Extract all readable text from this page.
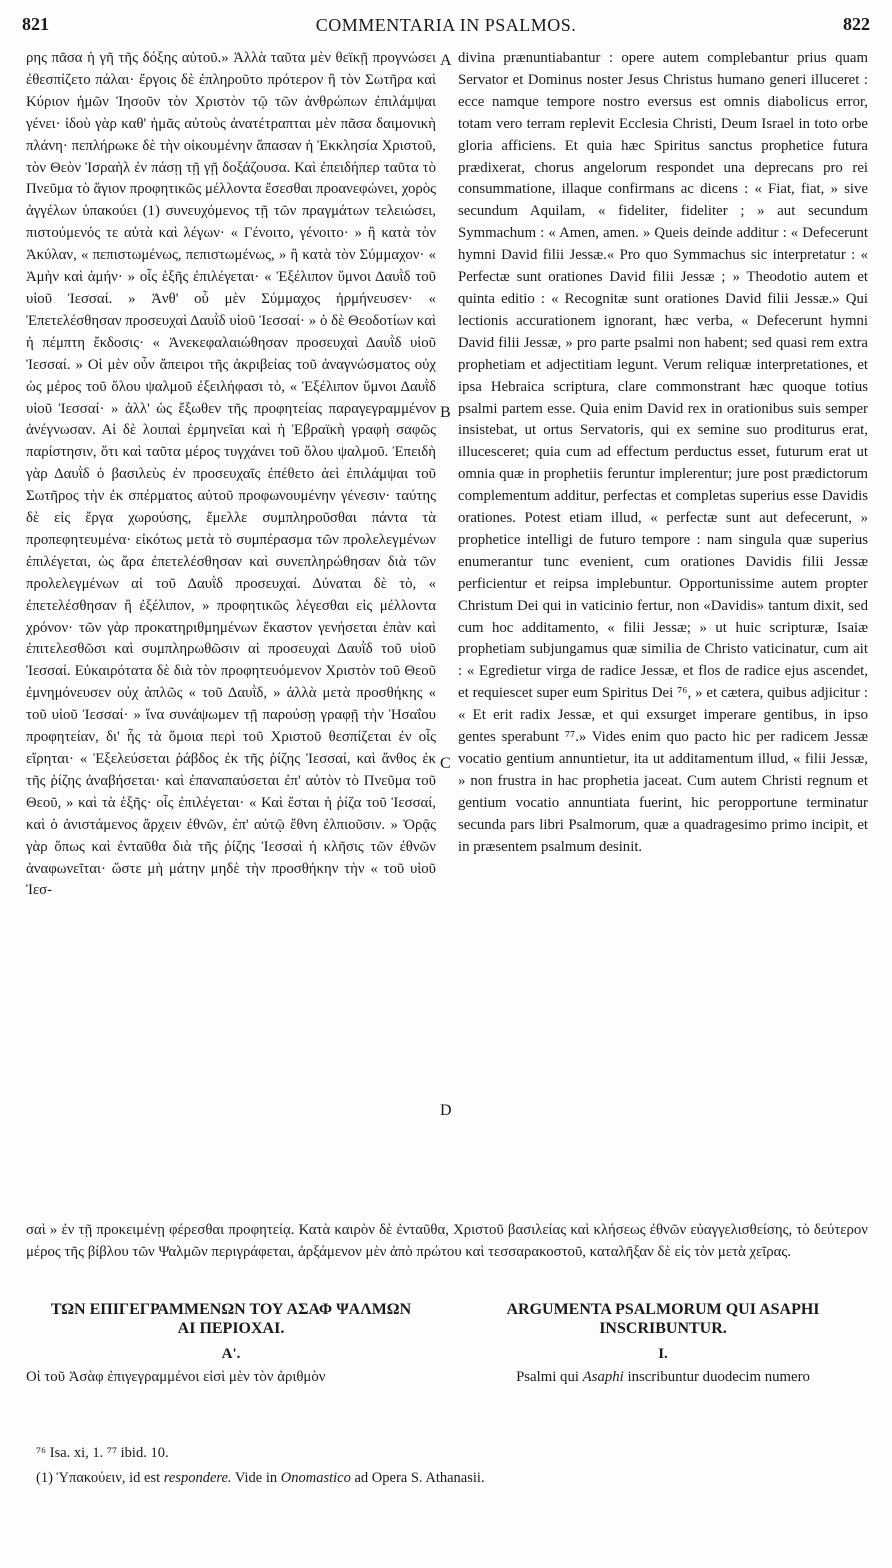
821	COMMENTARIA IN PSALMOS.	822

ρης πᾶσα ἡ γῆ τῆς δόξης αὐτοῦ.» Ἀλλὰ ταῦτα μὲν θεϊκῇ προγνώσει ἐθεσπίζετο πάλαι· ἔργοις δὲ ἐπληροῦτο πρότερον ἢ τὸν Σωτῆρα καὶ Κύριον ἡμῶν Ἰησοῦν τὸν Χριστὸν τῷ τῶν ἀνθρώπων ἐπιλάμψαι γένει· ἰδοὺ γὰρ καθ' ἡμᾶς αὐτοὺς ἀνατέτραπται μὲν πᾶσα δαιμονικὴ πλάνη· πεπλήρωκε δὲ τὴν οἰκουμένην ἅπασαν ἡ Ἐκκλησία Χριστοῦ, τὸν Θεὸν Ἰσραὴλ ἐν πάσῃ τῇ γῇ δοξάζουσα. Καὶ ἐπειδήπερ ταῦτα τὸ Πνεῦμα τὸ ἅγιον προφητικῶς μέλλοντα ἔσεσθαι προανεφώνει, χορὸς ἀγγέλων ὑπακούει (1) συνευχόμενος τῇ τῶν πραγμάτων τελειώσει, πιστούμενός τε αὐτὰ καὶ λέγων· « Γένοιτο, γένοιτο· » ἢ κατὰ τὸν Ἀκύλαν, « πεπιστωμένως, πεπιστωμένως, » ἢ κατὰ τὸν Σύμμαχον· « Ἀμὴν καὶ ἀμήν· » οἷς ἑξῆς ἐπιλέγεται· « Ἐξέλιπον ὕμνοι Δαυῒδ τοῦ υἱοῦ Ἰεσσαί. » Ἀνθ' οὗ μὲν Σύμμαχος ἡρμήνευσεν· « Ἐπετελέσθησαν προσευχαὶ Δαυῒδ υἱοῦ Ἰεσσαί· » ὁ δὲ Θεοδοτίων καὶ ἡ πέμπτη ἔκδοσις· « Ἀνεκεφαλαιώθησαν προσευχαὶ Δαυῒδ υἱοῦ Ἰεσσαί. » Οἱ μὲν οὖν ἄπειροι τῆς ἀκριβείας τοῦ ἀναγνώσματος οὐχ ὡς μέρος τοῦ ὅλου ψαλμοῦ ἐξειλήφασι τὸ, « Ἐξέλιπον ὕμνοι Δαυῒδ υἱοῦ Ἰεσσαί· » ἀλλ' ὡς ἔξωθεν τῆς προφητείας παραγεγραμμένον ἀνέγνωσαν. Αἱ δὲ λοιπαὶ ἑρμηνεῖαι καὶ ἡ Ἑβραϊκὴ γραφὴ σαφῶς παρίστησιν, ὅτι καὶ ταῦτα μέρος τυγχάνει τοῦ ὅλου ψαλμοῦ. Ἐπειδὴ γὰρ Δαυῒδ ὁ βασιλεὺς ἐν προσευχαῖς ἐπέθετο ἀεὶ ἐπιλάμψαι τοῦ Σωτῆρος τὴν ἐκ σπέρματος αὐτοῦ προφωνουμένην γένεσιν· ταύτης δὲ εἰς ἔργα χωρούσης, ἔμελλε συμπληροῦσθαι πάντα τὰ προπεφητευμένα· εἰκότως μετὰ τὸ συμπέρασμα τῶν προλελεγμένων ἐπιλέγεται, ὡς ἄρα ἐπετελέσθησαν καὶ συνεπληρώθησαν διὰ τῶν προλελεγμένων αἱ τοῦ Δαυῒδ προσευχαί. Δύναται δὲ τὸ, « ἐπετελέσθησαν ἢ ἐξέλιπον, » προφητικῶς λέγεσθαι εἰς μέλλοντα χρόνον· τῶν γὰρ προκατηριθμημένων ἕκαστον γενήσεται ἐπὰν καὶ ἐπιτελεσθῶσι καὶ συμπληρωθῶσιν αἱ προσευχαὶ Δαυῒδ τοῦ υἱοῦ Ἰεσσαί. Εὐκαιρότατα δὲ διὰ τὸν προφητευόμενον Χριστὸν τοῦ Θεοῦ ἐμνημόνευσεν οὐχ ἁπλῶς « τοῦ Δαυῒδ, » ἀλλὰ μετὰ προσθήκης « τοῦ υἱοῦ Ἰεσσαί· » ἵνα συνάψωμεν τῇ παρούσῃ γραφῇ τὴν Ἡσαΐου προφητείαν, δι' ἧς τὰ ὅμοια περὶ τοῦ Χριστοῦ θεσπίζεται ἐν οἷς εἴρηται· « Ἐξελεύσεται ῥάβδος ἐκ τῆς ῥίζης Ἰεσσαί, καὶ ἄνθος ἐκ τῆς ῥίζης ἀναβήσεται· καὶ ἐπαναπαύσεται ἐπ' αὐτὸν τὸ Πνεῦμα τοῦ Θεοῦ, » καὶ τὰ ἑξῆς· οἷς ἐπιλέγεται· « Καὶ ἔσται ἡ ῥίζα τοῦ Ἰεσσαί, καὶ ὁ ἀνιστάμενος ἄρχειν ἐθνῶν, ἐπ' αὐτῷ ἔθνη ἐλπιοῦσιν. » Ὁρᾷς γὰρ ὅπως καὶ ἐνταῦθα διὰ τῆς ῥίζης Ἰεσσαὶ ἡ κλῆσις τῶν ἐθνῶν ἀναφωνεῖται· ὥστε μὴ μάτην μηδὲ τὴν προσθήκην τὴν « τοῦ υἱοῦ Ἰεσ-

A
B
C
D

divina prænuntiabantur : opere autem complebantur prius quam Servator et Dominus noster Jesus Christus humano generi illuceret : ecce namque tempore nostro eversus est omnis diabolicus error, totam vero terram replevit Ecclesia Christi, Deum Israel in toto orbe gloria afficiens. Et quia hæc Spiritus sanctus prophetice futura prædixerat, chorus angelorum respondet una deprecans pro rei consummatione, illaque confirmans ac dicens : « Fiat, fiat, » sive secundum Aquilam, « fideliter, fideliter ; » aut secundum Symmachum : « Amen, amen. » Queis deinde additur : « Defecerunt hymni David filii Jessæ.« Pro quo Symmachus sic interpretatur : « Perfectæ sunt orationes David filii Jessæ ; » Theodotio autem et quinta editio : « Recognitæ sunt orationes David filii Jessæ.» Qui lectionis accurationem ignorant, hæc verba, « Defecerunt hymni David filii Jessæ, » pro parte psalmi non habent; sed quasi rem extra prophetiam et adjectitiam legunt. Verum reliquæ interpretationes, et ipsa Hebraica scriptura, clare commonstrant hæc quoque totius psalmi partem esse. Quia enim David rex in orationibus suis semper insistebat, ut ortus Servatoris, qui ex semine suo proditurus erat, illucesceret; quia cum ad effectum perductus esset, futurum erat ut omnia quæ in prophetiis feruntur implerentur; jure post prædictorum complementum additur, perfectas et completas superius esse Davidis orationes. Potest etiam illud, « perfectæ sunt aut defecerunt, » prophetice intelligi de futuro tempore : nam singula quæ superius enumerantur tunc evenient, cum orationes Davidis filii Jessæ perficientur et reipsa implebuntur. Opportunissime autem propter Christum Dei qui in vaticinio fertur, non «Davidis» tantum dixit, sed cum hoc additamento, « filii Jessæ; » ut huic scripturæ, Isaiæ prophetiam subjungamus quæ similia de Christo vaticinatur, cum ait : « Egredietur virga de radice Jessæ, et flos de radice ejus ascendet, et requiescet super eum Spiritus Dei ⁷⁶, » et cætera, quibus adjicitur : « Et erit radix Jessæ, et qui exsurget imperare gentibus, in ipso gentes sperabunt ⁷⁷.» Vides enim quo pacto hic per radicem Jessæ vocatio gentium annuntietur, ita ut additamentum illud, « filii Jessæ, » non frustra in hac prophetia jaceat. Cum autem Christi regnum et gentium vocatio annuntiata fuerint, hic peropportune terminatur secunda pars libri Psalmorum, quæ a quadragesimo primo incipit, et in præsentem psalmum desinit.

σαὶ » ἐν τῇ προκειμένῃ φέρεσθαι προφητείᾳ. Κατὰ καιρὸν δὲ ἐνταῦθα, Χριστοῦ βασιλείας καὶ κλήσεως ἐθνῶν εὐαγγελισθείσης, τὸ δεύτερον μέρος τῆς βίβλου τῶν Ψαλμῶν περιγράφεται, ἀρξάμενον μὲν ἀπὸ πρώτου καὶ τεσσαρακοστοῦ, καταλῆξαν δὲ εἰς τὸν μετὰ χεῖρας.

ΤΩΝ ΕΠΙΓΕΓΡΑΜΜΕΝΩΝ ΤΟΥ ΑΣΑΦ ΨΑΛΜΩΝ

ΑΙ ΠΕΡΙΟΧΑΙ.

Α'.

Οἱ τοῦ Ἀσὰφ ἐπιγεγραμμένοι εἰσὶ μὲν τὸν ἀριθμὸν

ARGUMENTA PSALMORUM QUI ASAPHI

INSCRIBUNTUR.

I.

Psalmi qui Asaphi inscribuntur duodecim numero

⁷⁶ Isa. xi, 1. ⁷⁷ ibid. 10.
(1) Ὑπακούειν, id est respondere. Vide in Onomastico ad Opera S. Athanasii.
